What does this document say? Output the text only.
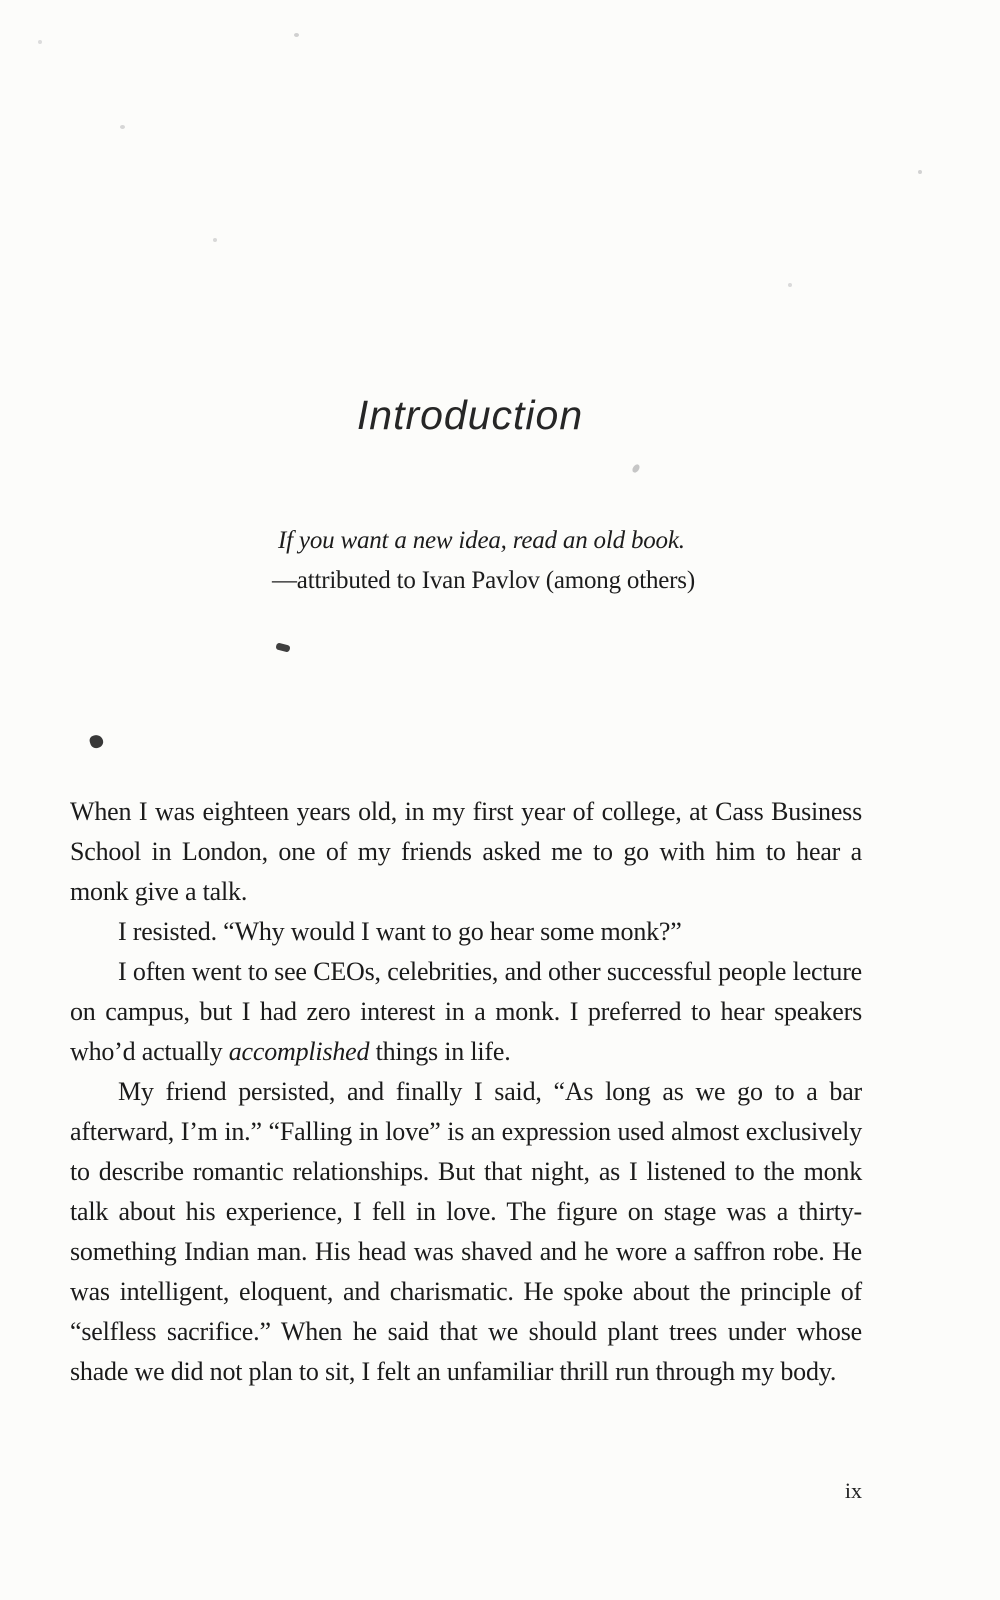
Introduction
If you want a new idea, read an old book.
—attributed to Ivan Pavlov (among others)

When I was eighteen years old, in my first year of college, at Cass Business School in London, one of my friends asked me to go with him to hear a monk give a talk.

I resisted. “Why would I want to go hear some monk?”

I often went to see CEOs, celebrities, and other successful people lecture on campus, but I had zero interest in a monk. I preferred to hear speakers who’d actually accomplished things in life.

My friend persisted, and finally I said, “As long as we go to a bar afterward, I’m in.” “Falling in love” is an expression used almost exclusively to describe romantic relationships. But that night, as I listened to the monk talk about his experience, I fell in love. The figure on stage was a thirty-something Indian man. His head was shaved and he wore a saffron robe. He was intelligent, eloquent, and charismatic. He spoke about the principle of “selfless sacrifice.” When he said that we should plant trees under whose shade we did not plan to sit, I felt an unfamiliar thrill run through my body.

ix
